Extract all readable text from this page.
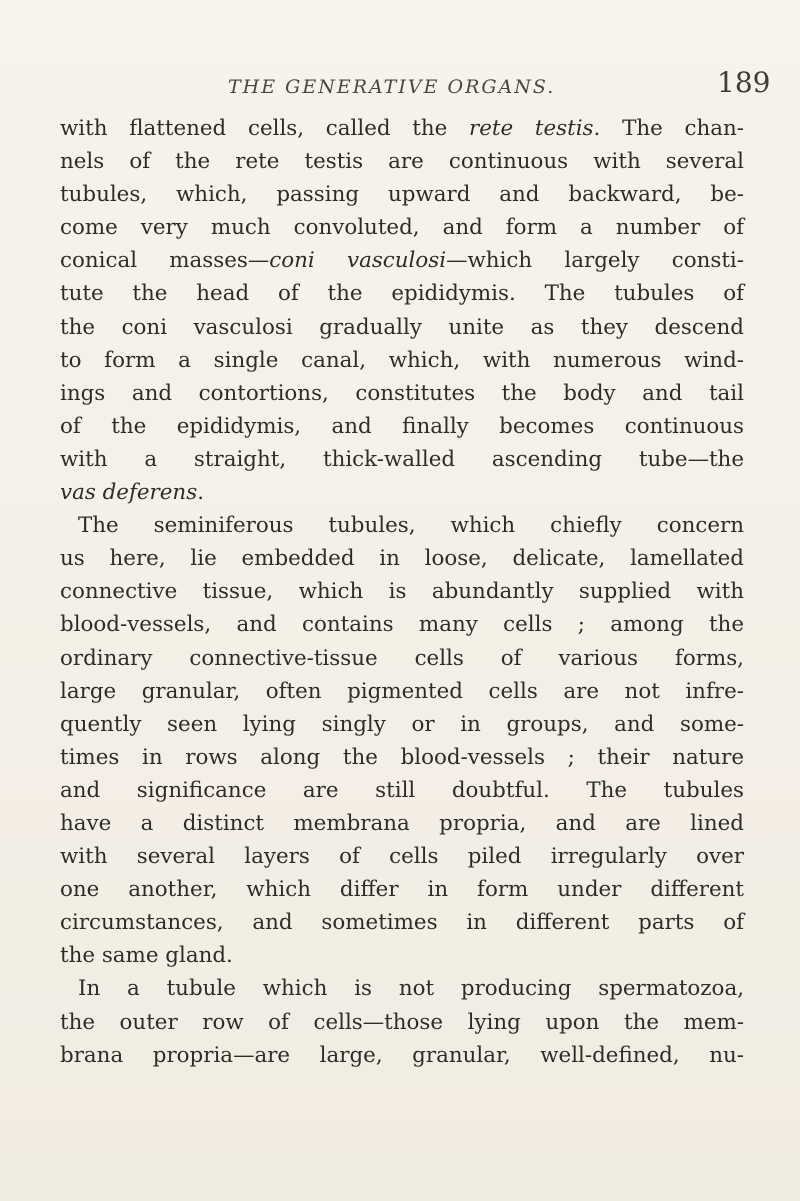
THE GENERATIVE ORGANS.	189
with flattened cells, called the rete testis. The chan-
nels of the rete testis are continuous with several
tubules, which, passing upward and backward, be-
come very much convoluted, and form a number of
conical masses—coni vasculosi—which largely consti-
tute the head of the epididymis. The tubules of
the coni vasculosi gradually unite as they descend
to form a single canal, which, with numerous wind-
ings and contortions, constitutes the body and tail
of the epididymis, and finally becomes continuous
with a straight, thick-walled ascending tube—the
vas deferens.
The seminiferous tubules, which chiefly concern
us here, lie embedded in loose, delicate, lamellated
connective tissue, which is abundantly supplied with
blood-vessels, and contains many cells ; among the
ordinary connective-tissue cells of various forms,
large granular, often pigmented cells are not infre-
quently seen lying singly or in groups, and some-
times in rows along the blood-vessels ; their nature
and significance are still doubtful. The tubules
have a distinct membrana propria, and are lined
with several layers of cells piled irregularly over
one another, which differ in form under different
circumstances, and sometimes in different parts of
the same gland.
In a tubule which is not producing spermatozoa,
the outer row of cells—those lying upon the mem-
brana propria—are large, granular, well-defined, nu-
